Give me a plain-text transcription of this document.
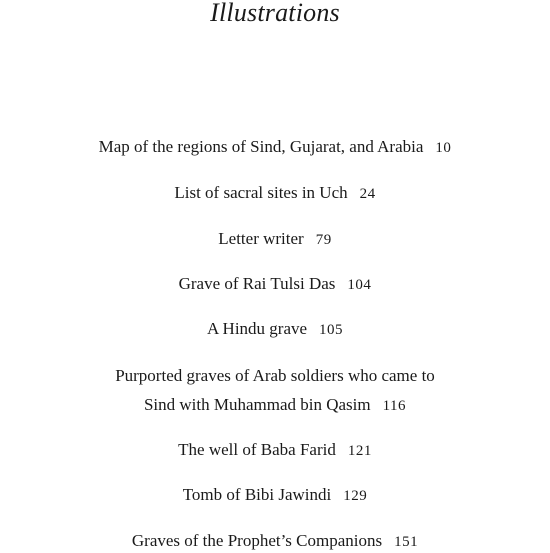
Illustrations
Map of the regions of Sind, Gujarat, and Arabia 10
List of sacral sites in Uch 24
Letter writer 79
Grave of Rai Tulsi Das 104
A Hindu grave 105
Purported graves of Arab soldiers who came to
Sind with Muhammad bin Qasim 116
The well of Baba Farid 121
Tomb of Bibi Jawindi 129
Graves of the Prophet’s Companions 151
